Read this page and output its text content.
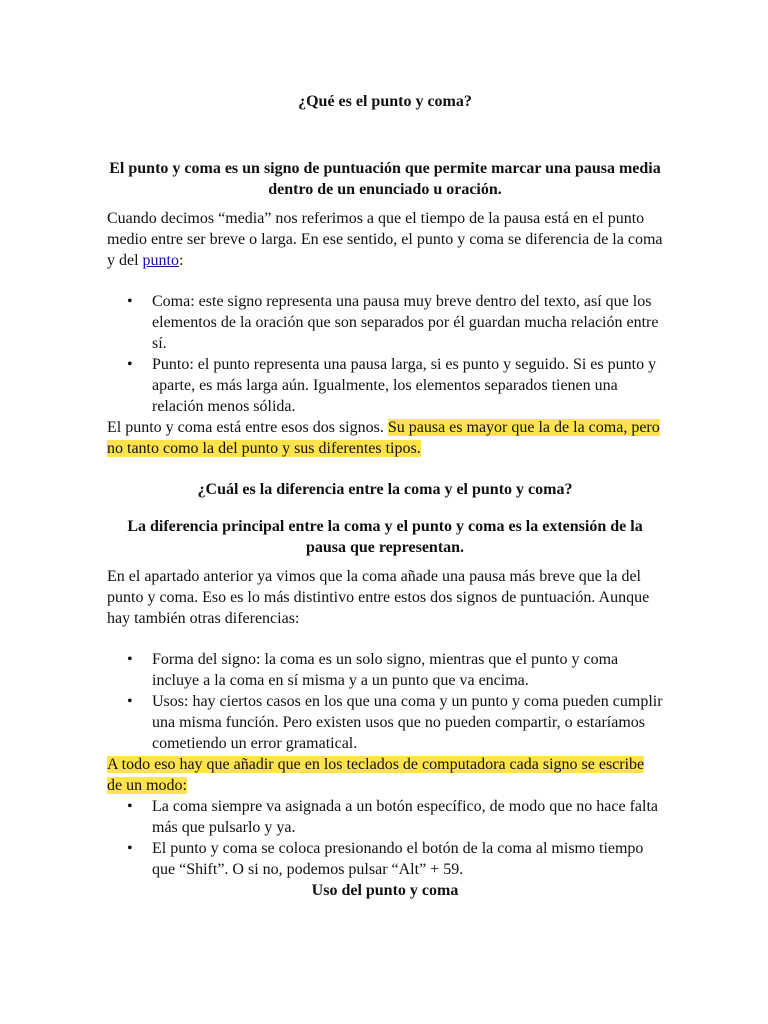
¿Qué es el punto y coma?

El punto y coma es un signo de puntuación que permite marcar una pausa media dentro de un enunciado u oración.

Cuando decimos “media” nos referimos a que el tiempo de la pausa está en el punto medio entre ser breve o larga. En ese sentido, el punto y coma se diferencia de la coma y del punto:

• Coma: este signo representa una pausa muy breve dentro del texto, así que los elementos de la oración que son separados por él guardan mucha relación entre sí.
• Punto: el punto representa una pausa larga, si es punto y seguido. Si es punto y aparte, es más larga aún. Igualmente, los elementos separados tienen una relación menos sólida.

El punto y coma está entre esos dos signos. Su pausa es mayor que la de la coma, pero no tanto como la del punto y sus diferentes tipos.

¿Cuál es la diferencia entre la coma y el punto y coma?

La diferencia principal entre la coma y el punto y coma es la extensión de la pausa que representan.

En el apartado anterior ya vimos que la coma añade una pausa más breve que la del punto y coma. Eso es lo más distintivo entre estos dos signos de puntuación. Aunque hay también otras diferencias:

• Forma del signo: la coma es un solo signo, mientras que el punto y coma incluye a la coma en sí misma y a un punto que va encima.
• Usos: hay ciertos casos en los que una coma y un punto y coma pueden cumplir una misma función. Pero existen usos que no pueden compartir, o estaríamos cometiendo un error gramatical.

A todo eso hay que añadir que en los teclados de computadora cada signo se escribe de un modo:

• La coma siempre va asignada a un botón específico, de modo que no hace falta más que pulsarlo y ya.
• El punto y coma se coloca presionando el botón de la coma al mismo tiempo que “Shift”. O si no, podemos pulsar “Alt” + 59.

Uso del punto y coma
